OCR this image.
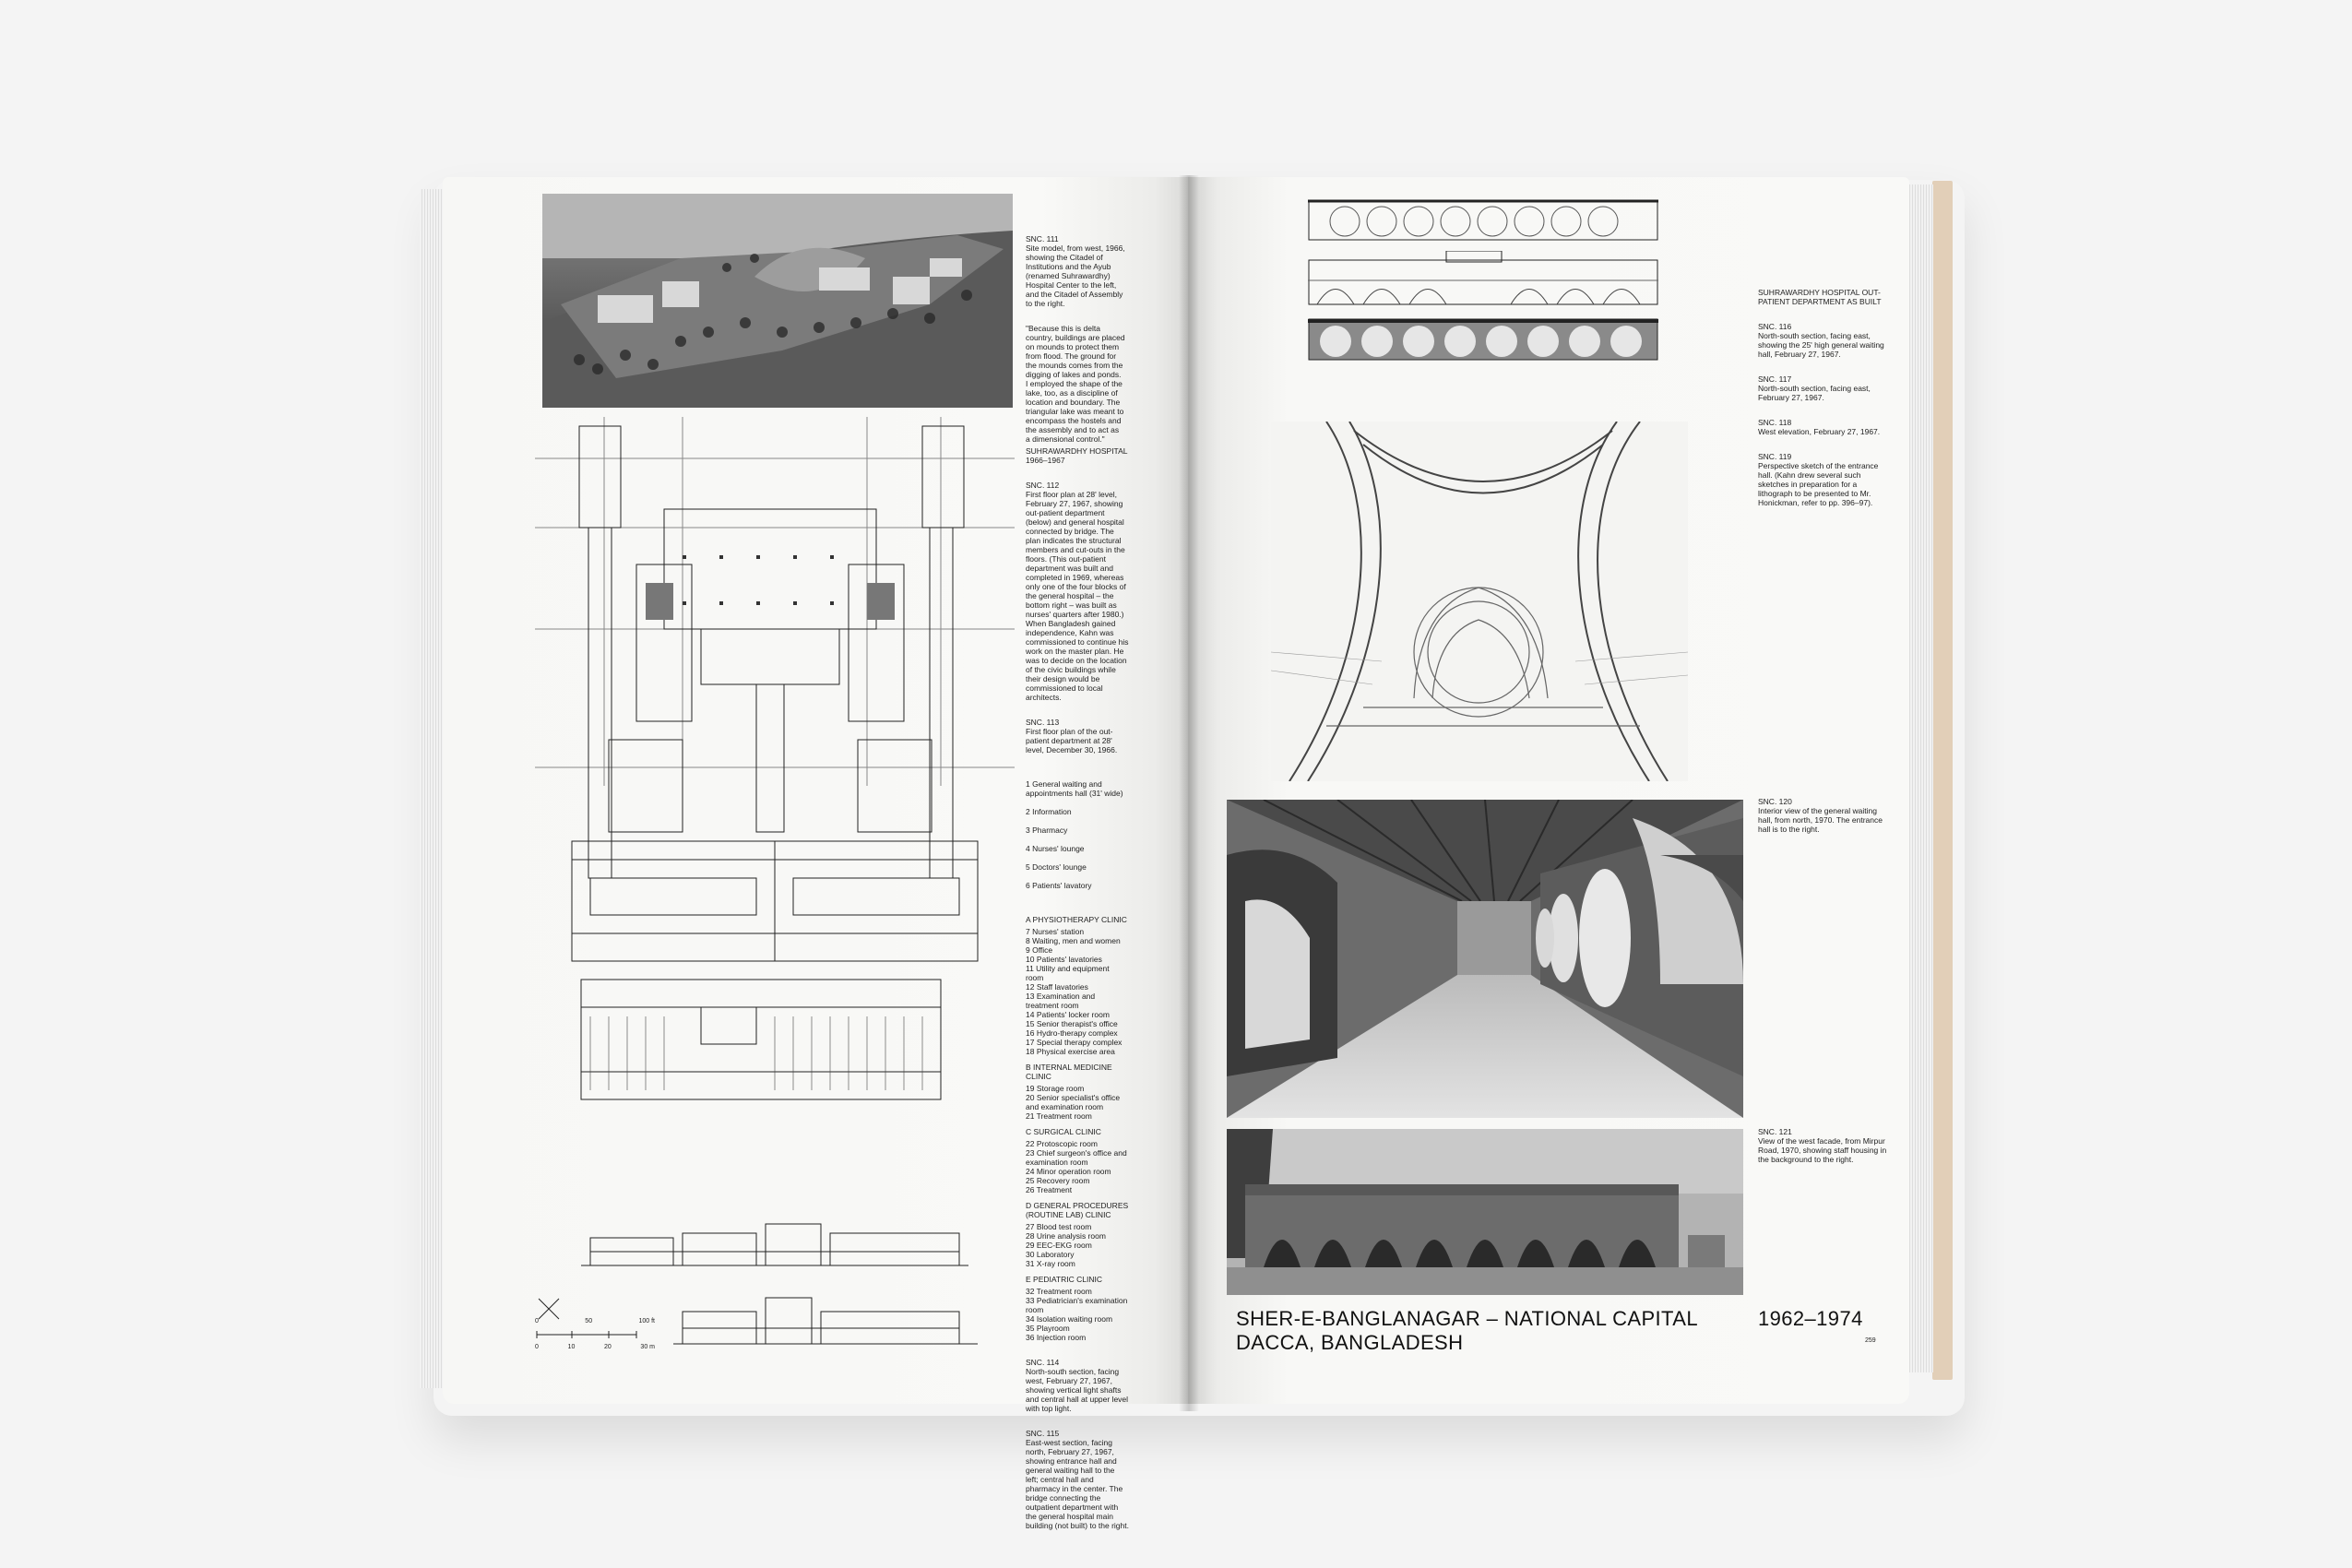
SNC. 111
Site model, from west, 1966, showing the Citadel of Institutions and the Ayub (renamed Suhrawardhy) Hospital Center to the left, and the Citadel of Assembly to the right.

"Because this is delta country, buildings are placed on mounds to protect them from flood. The ground for the mounds comes from the digging of lakes and ponds. I employed the shape of the lake, too, as a discipline of location and boundary. The triangular lake was meant to encompass the hostels and the assembly and to act as a dimensional control."

0	50	100 ft
0	10	20	30 m

SUHRAWARDHY HOSPITAL 1966–1967

SNC. 112
First floor plan at 28' level, February 27, 1967, showing out-patient department (below) and general hospital connected by bridge. The plan indicates the structural members and cut-outs in the floors. (This out-patient department was built and completed in 1969, whereas only one of the four blocks of the general hospital – the bottom right – was built as nurses' quarters after 1980.) When Bangladesh gained independence, Kahn was commissioned to continue his work on the master plan. He was to decide on the location of the civic buildings while their design would be commissioned to local architects.

SNC. 113
First floor plan of the out-patient department at 28' level, December 30, 1966.

1 General waiting and appointments hall (31' wide)

2 Information

3 Pharmacy

4 Nurses' lounge

5 Doctors' lounge

6 Patients' lavatory

A PHYSIOTHERAPY CLINIC
7 Nurses' station
8 Waiting, men and women
9 Office
10 Patients' lavatories
11 Utility and equipment room
12 Staff lavatories
13 Examination and treatment room
14 Patients' locker room
15 Senior therapist's office
16 Hydro-therapy complex
17 Special therapy complex
18 Physical exercise area
B INTERNAL MEDICINE CLINIC
19 Storage room
20 Senior specialist's office and examination room
21 Treatment room
C SURGICAL CLINIC
22 Protoscopic room
23 Chief surgeon's office and examination room
24 Minor operation room
25 Recovery room
26 Treatment
D GENERAL PROCEDURES (ROUTINE LAB) CLINIC
27 Blood test room
28 Urine analysis room
29 EEC-EKG room
30 Laboratory
31 X-ray room
E PEDIATRIC CLINIC
32 Treatment room
33 Pediatrician's examination room
34 Isolation waiting room
35 Playroom
36 Injection room

SNC. 114
North-south section, facing west, February 27, 1967, showing vertical light shafts and central hall at upper level with top light.

SNC. 115
East-west section, facing north, February 27, 1967, showing entrance hall and general waiting hall to the left; central hall and pharmacy in the center. The bridge connecting the outpatient department with the general hospital main building (not built) to the right.

SUHRAWARDHY HOSPITAL OUT-PATIENT DEPARTMENT AS BUILT

SNC. 116
North-south section, facing east, showing the 25' high general waiting hall, February 27, 1967.

SNC. 117
North-south section, facing east, February 27, 1967.

SNC. 118
West elevation, February 27, 1967.

SNC. 119
Perspective sketch of the entrance hall. (Kahn drew several such sketches in preparation for a lithograph to be presented to Mr. Honickman, refer to pp. 396–97).

SNC. 120
Interior view of the general waiting hall, from north, 1970. The entrance hall is to the right.
SNC. 121
View of the west facade, from Mirpur Road, 1970, showing staff housing in the background to the right.
SHER-E-BANGLANAGAR – NATIONAL CAPITAL
DACCA, BANGLADESH
1962–1974
259
